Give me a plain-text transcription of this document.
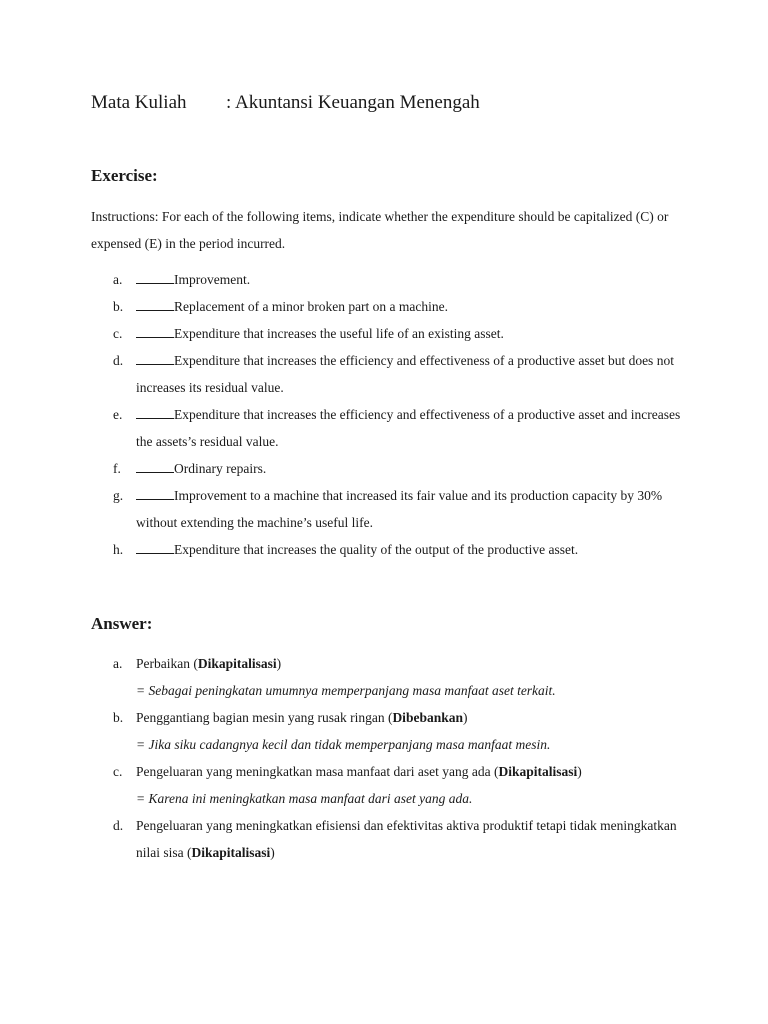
Mata Kuliah : Akuntansi Keuangan Menengah
Exercise:
Instructions: For each of the following items, indicate whether the expenditure should be capitalized (C) or expensed (E) in the period incurred.
a.	Improvement.
b.	Replacement of a minor broken part on a machine.
c.	Expenditure that increases the useful life of an existing asset.
d.	Expenditure that increases the efficiency and effectiveness of a productive asset but does not increases its residual value.
e.	Expenditure that increases the efficiency and effectiveness of a productive asset and increases the assets’s residual value.
f.	Ordinary repairs.
g.	Improvement to a machine that increased its fair value and its production capacity by 30% without extending the machine’s useful life.
h.	Expenditure that increases the quality of the output of the productive asset.
Answer:
a. Perbaikan (Dikapitalisasi)
= Sebagai peningkatan umumnya memperpanjang masa manfaat aset terkait.
b. Penggantiang bagian mesin yang rusak ringan (Dibebankan)
= Jika siku cadangnya kecil dan tidak memperpanjang masa manfaat mesin.
c. Pengeluaran yang meningkatkan masa manfaat dari aset yang ada (Dikapitalisasi)
= Karena ini meningkatkan masa manfaat dari aset yang ada.
d. Pengeluaran yang meningkatkan efisiensi dan efektivitas aktiva produktif tetapi tidak meningkatkan nilai sisa (Dikapitalisasi)
